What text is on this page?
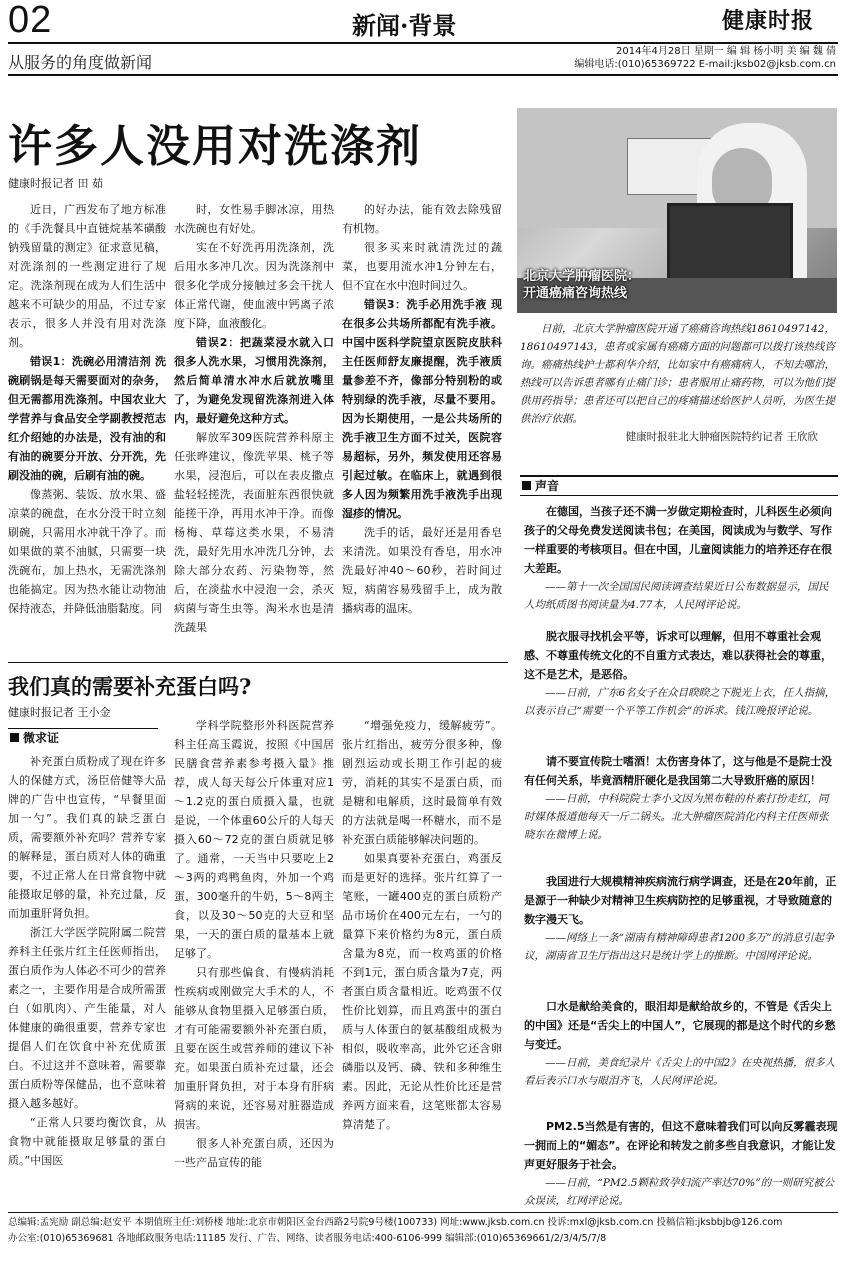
02	新闻·背景	健康时报
从服务的角度做新闻
2014年4月28日 星期一 编 辑 杨小明 美 编 魏 倩
编辑电话:(010)65369722 E-mail:jksb02@jksb.com.cn
许多人没用对洗涤剂
健康时报记者 田 茹

近日，广西发布了地方标准的《手洗餐具中直链烷基苯磺酸钠残留量的测定》征求意见稿，对洗涤剂的一些测定进行了规定。洗涤剂现在成为人们生活中越来不可缺少的用品，不过专家表示，很多人并没有用对洗涤剂。

错误1：洗碗必用清洁剂 洗碗刷锅是每天需要面对的杂务，但无需都用洗涤剂。中国农业大学营养与食品安全学副教授范志红介绍她的办法是，没有油的和有油的碗要分开放、分开洗，先刷没油的碗，后刷有油的碗。

像蒸粥、装饭、放水果、盛凉菜的碗盘，在水分没干时立刻刷碗，只需用水冲就干净了。而如果做的菜不油腻，只需要一块洗碗布，加上热水，无需洗涤剂也能搞定。因为热水能让动物油保持液态，并降低油脂黏度。同

时，女性易手脚冰凉，用热水洗碗也有好处。

实在不好洗再用洗涤剂，洗后用水多冲几次。因为洗涤剂中很多化学成分接触过多会干扰人体正常代谢，使血液中钙离子浓度下降，血液酸化。

错误2：把蔬菜浸水就入口 很多人洗水果，习惯用洗涤剂，然后简单清水冲水后就放嘴里了，为避免发现留洗涤剂进入体内，最好避免这种方式。

解放军309医院营养科原主任张晔建议，像洗苹果、桃子等水果，浸泡后，可以在表皮撒点盐轻轻搓洗，表面脏东西很快就能搓干净，再用水冲干净。而像杨梅、草莓这类水果，不易清洗，最好先用水冲洗几分钟，去除大部分农药、污染物等，然后，在淡盐水中浸泡一会，杀灭病菌与寄生虫等。淘米水也是清洗蔬果

的好办法，能有效去除残留有机物。

很多买来时就清洗过的蔬菜，也要用流水冲1分钟左右，但不宜在水中泡时间过久。

错误3：洗手必用洗手液 现在很多公共场所都配有洗手液。中国中医科学院望京医院皮肤科主任医师舒友廉提醒，洗手液质量参差不齐，像部分特别粉的或特别绿的洗手液，尽量不要用。因为长期使用，一是公共场所的洗手液卫生方面不过关，医院容易超标，另外，频发使用还容易引起过敏。在临床上，就遇到很多人因为频繁用洗手液洗手出现湿疹的情况。

洗手的话，最好还是用香皂来清洗。如果没有香皂，用水冲洗最好冲40～60秒，若时间过短，病菌容易残留手上，成为散播病毒的温床。

北京大学肿瘤医院：
开通癌痛咨询热线

日前，北京大学肿瘤医院开通了癌痛咨询热线18610497142，18610497143，患者或家属有癌痛方面的问题都可以拨打该热线咨询。癌痛热线护士都利华介绍，比如家中有癌痛病人，不知去哪治，热线可以告诉患者哪有止痛门诊；患者服用止痛药物，可以为他们提供用药指导；患者还可以把自己的疼痛描述给医护人员听，为医生提供治疗依据。

健康时报驻北大肿瘤医院特约记者 王欣欣
声音

在德国，当孩子还不满一岁做定期检查时，儿科医生必须向孩子的父母免费发送阅读书包；在美国，阅读成为与数学、写作一样重要的考核项目。但在中国，儿童阅读能力的培养还存在很大差距。

——第十一次全国国民阅读调查结果近日公布数据显示，国民人均纸质图书阅读量为4.77本，人民网评论说。

脱衣服寻找机会平等，诉求可以理解，但用不尊重社会观感、不尊重传统文化的不自重方式表达，难以获得社会的尊重，这不是艺术，是恶俗。

——日前，广东6名女子在众目睽睽之下脱光上衣，任人指摘，以表示自己“需要一个平等工作机会”的诉求。钱江晚报评论说。

请不要宣传院士嗜酒！太伤害身体了，这与他是不是院士没有任何关系，毕竟酒精肝硬化是我国第二大导致肝癌的原因！

——日前，中科院院士李小文因为黑布鞋的朴素打扮走红，同时媒体报道他每天一斤二锅头。北大肿瘤医院消化内科主任医师张晓东在微博上说。

我国进行大规模精神疾病流行病学调查，还是在20年前，正是源于一种缺少对精神卫生疾病防控的足够重视，才导致随意的数字漫天飞。

——网络上一条“湖南有精神障碍患者1200多万”的消息引起争议，湖南省卫生厅指出这只是统计学上的推断。中国网评论说。

口水是献给美食的，眼泪却是献给故乡的，不管是《舌尖上的中国》还是“舌尖上的中国人”，它展现的都是这个时代的乡愁与变迁。

——日前，美食纪录片《舌尖上的中国2》在央视热播，很多人看后表示口水与眼泪齐飞，人民网评论说。

PM2.5当然是有害的，但这不意味着我们可以向反雾霾表现一拥而上的“媚态”。在评论和转发之前多些自我意识，才能让发声更好服务于社会。

——日前，“PM2.5颗粒致孕妇流产率达70%”的一则研究被公众误读，红网评论说。

我们真的需要补充蛋白吗?
健康时报记者 王小金
微求证

补充蛋白质粉成了现在许多人的保健方式，汤臣倍健等大品牌的广告中也宣传，“早餐里面加一勺”。我们真的缺乏蛋白质，需要额外补充吗？营养专家的解释是，蛋白质对人体的确重要，不过正常人在日常食物中就能摄取足够的量，补充过量，反而加重肝肾负担。

浙江大学医学院附属二院营养科主任张片红主任医师指出，蛋白质作为人体必不可少的营养素之一，主要作用是合成所需蛋白（如肌肉）、产生能量，对人体健康的确很重要，营养专家也提倡人们在饮食中补充优质蛋白。不过这并不意味着，需要靠蛋白质粉等保健品，也不意味着摄入越多越好。

“正常人只要均衡饮食，从食物中就能摄取足够量的蛋白质。”中国医

学科学院整形外科医院营养科主任高玉霞说，按照《中国居民膳食营养素参考摄入量》推荐，成人每天每公斤体重对应1～1.2克的蛋白质摄入量，也就是说，一个体重60公斤的人每天摄入60～72克的蛋白质就足够了。通常，一天当中只要吃上2～3两的鸡鸭鱼肉，外加一个鸡蛋，300毫升的牛奶，5～8两主食，以及30～50克的大豆和坚果，一天的蛋白质的量基本上就足够了。

只有那些偏食、有慢病消耗性疾病或刚做完大手术的人，不能够从食物里摄入足够蛋白质，才有可能需要额外补充蛋白质，且要在医生或营养师的建议下补充。如果蛋白质补充过量，还会加重肝肾负担，对于本身有肝病肾病的来说，还容易对脏器造成损害。

很多人补充蛋白质，还因为一些产品宣传的能

“增强免疫力，缓解疲劳”。张片红指出，疲劳分很多种，像剧烈运动或长期工作引起的疲劳，消耗的其实不是蛋白质，而是糖和电解质，这时最简单有效的方法就是喝一杯糖水，而不是补充蛋白质能够解决问题的。

如果真要补充蛋白，鸡蛋反而是更好的选择。张片红算了一笔账，一罐400克的蛋白质粉产品市场价在400元左右，一勺的量算下来价格约为8元，蛋白质含量为8克，而一枚鸡蛋的价格不到1元，蛋白质含量为7克，两者蛋白质含量相近。吃鸡蛋不仅性价比划算，而且鸡蛋中的蛋白质与人体蛋白的氨基酸组成极为相似，吸收率高，此外它还含卵磷脂以及钙、磷、铁和多种维生素。因此，无论从性价比还是营养两方面来看，这笔账都太容易算清楚了。

总编辑:孟宪励 副总编:赵安平 本期值班主任:刘桥楼 地址:北京市朝阳区金台西路2号院9号楼(100733) 网址:www.jksb.com.cn 投诉:mxl@jksb.com.cn 投稿信箱:jksbbjb@126.com
办公室:(010)65369681 各地邮政服务电话:11185 发行、广告、网络、读者服务电话:400-6106-999 编辑部:(010)65369661/2/3/4/5/7/8
